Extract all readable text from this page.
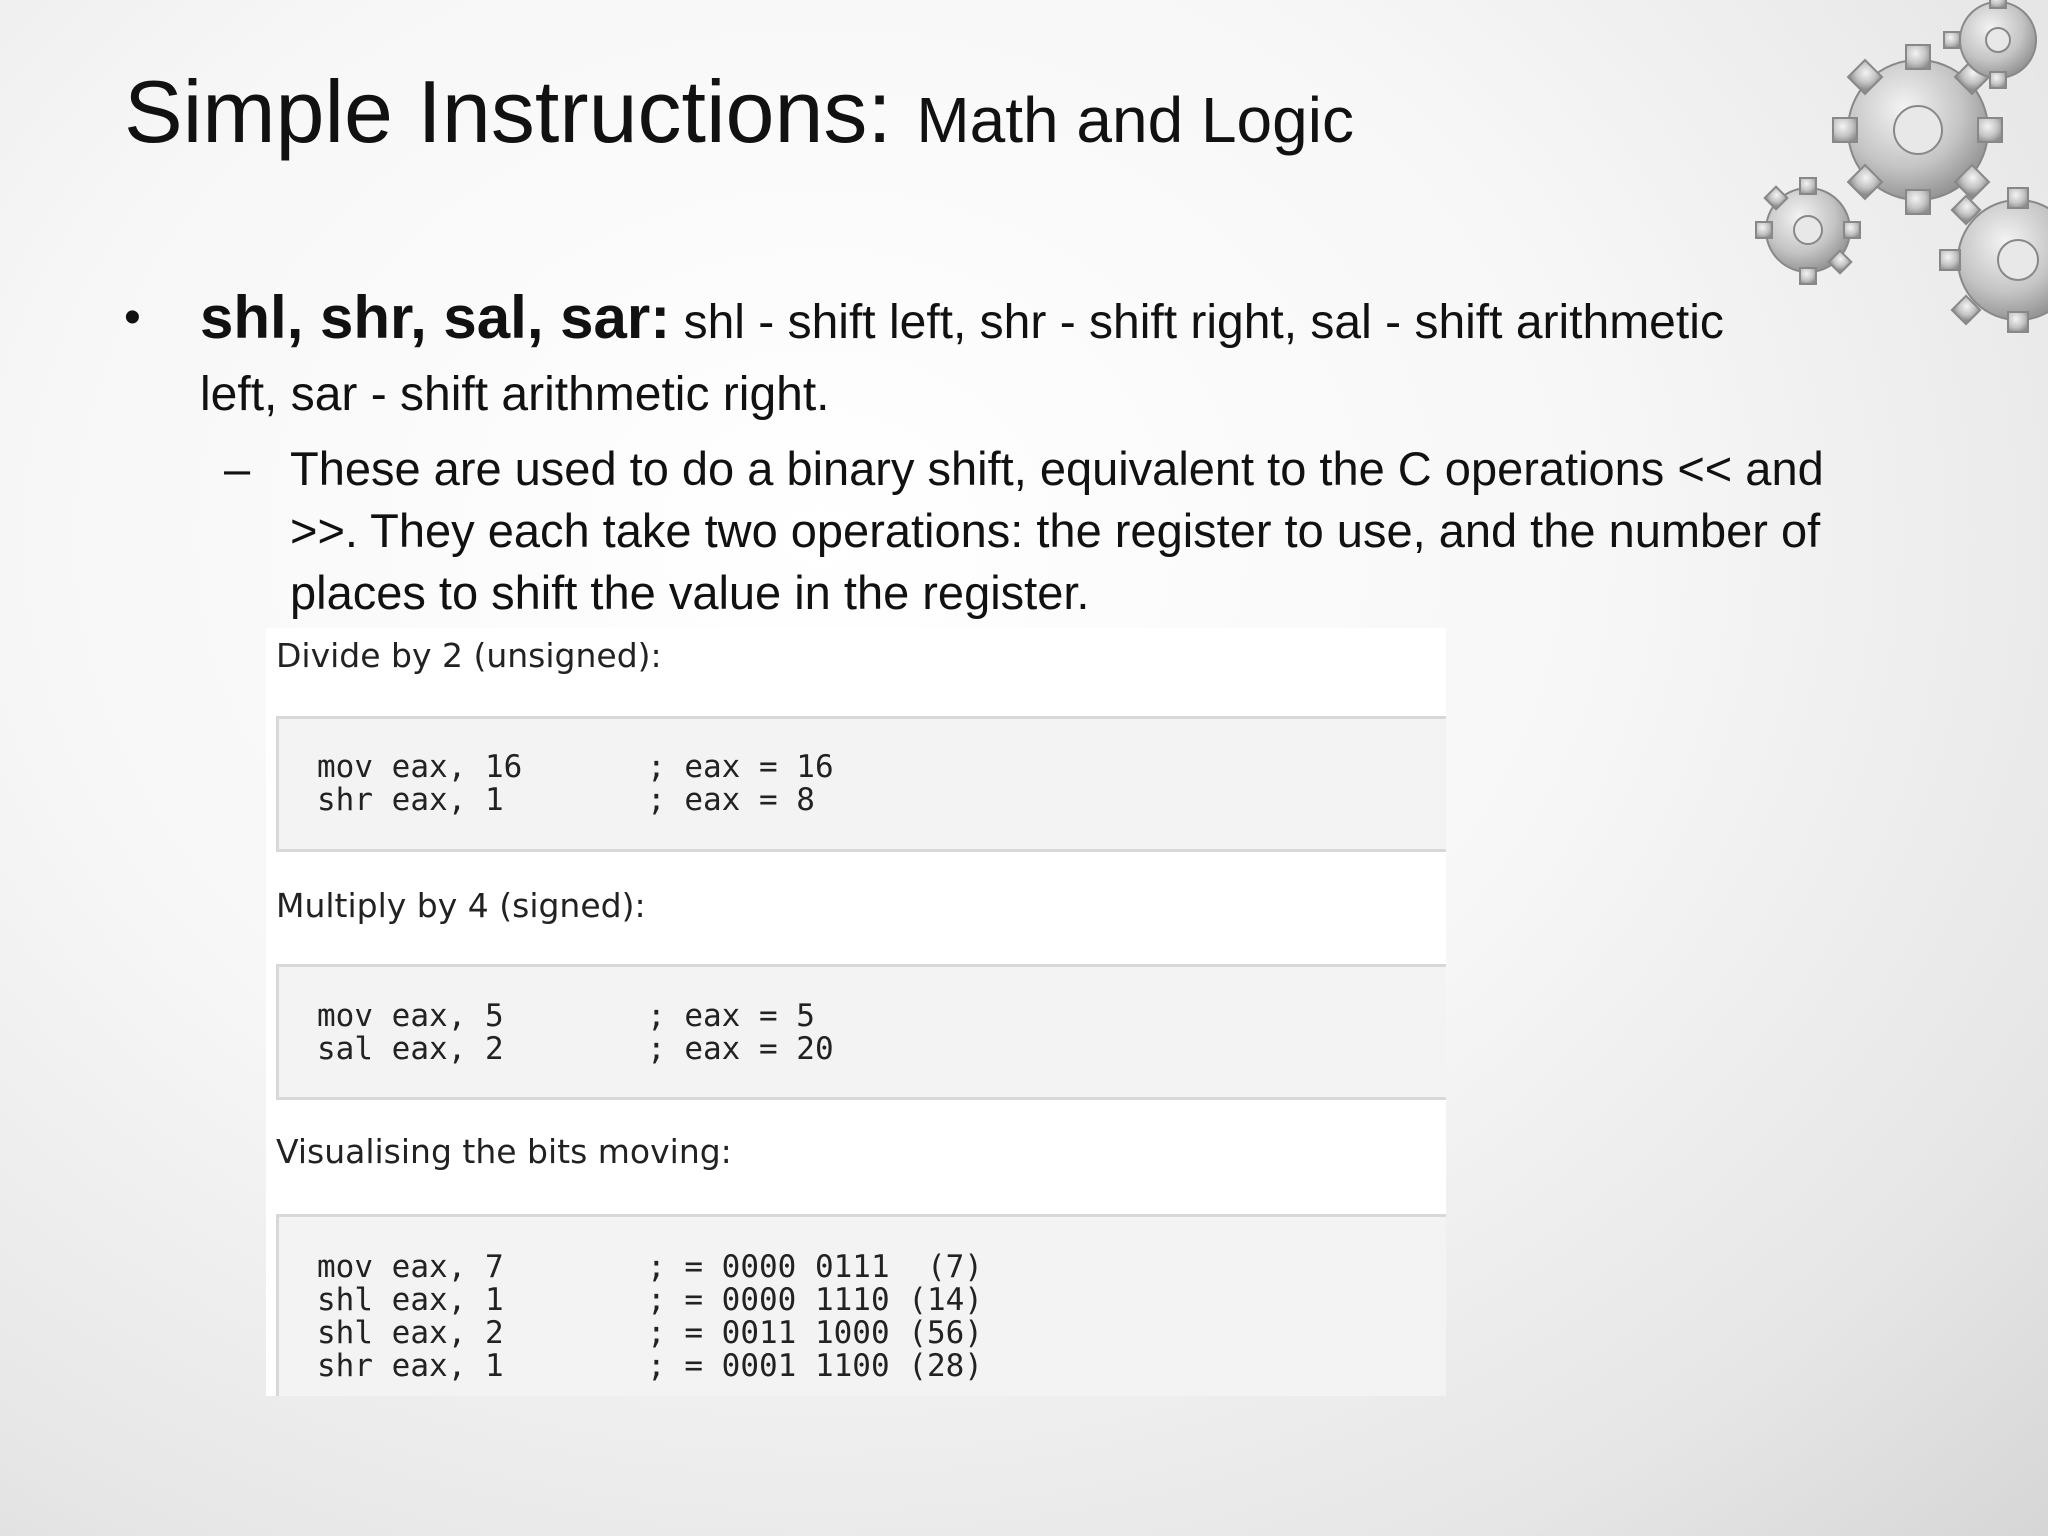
Simple Instructions: Math and Logic
• shl, shr, sal, sar: shl - shift left, shr - shift right, sal - shift arithmetic left, sar - shift arithmetic right.
– These are used to do a binary shift, equivalent to the C operations << and >>. They each take two operations: the register to use, and the number of places to shift the value in the register.
Divide by 2 (unsigned):
mov eax, 16	; eax = 16
shr eax, 1	; eax = 8
Multiply by 4 (signed):
mov eax, 5	; eax = 5
sal eax, 2	; eax = 20
Visualising the bits moving:
mov eax, 7	; = 0000 0111  (7)
shl eax, 1	; = 0000 1110 (14)
shl eax, 2	; = 0011 1000 (56)
shr eax, 1	; = 0001 1100 (28)
